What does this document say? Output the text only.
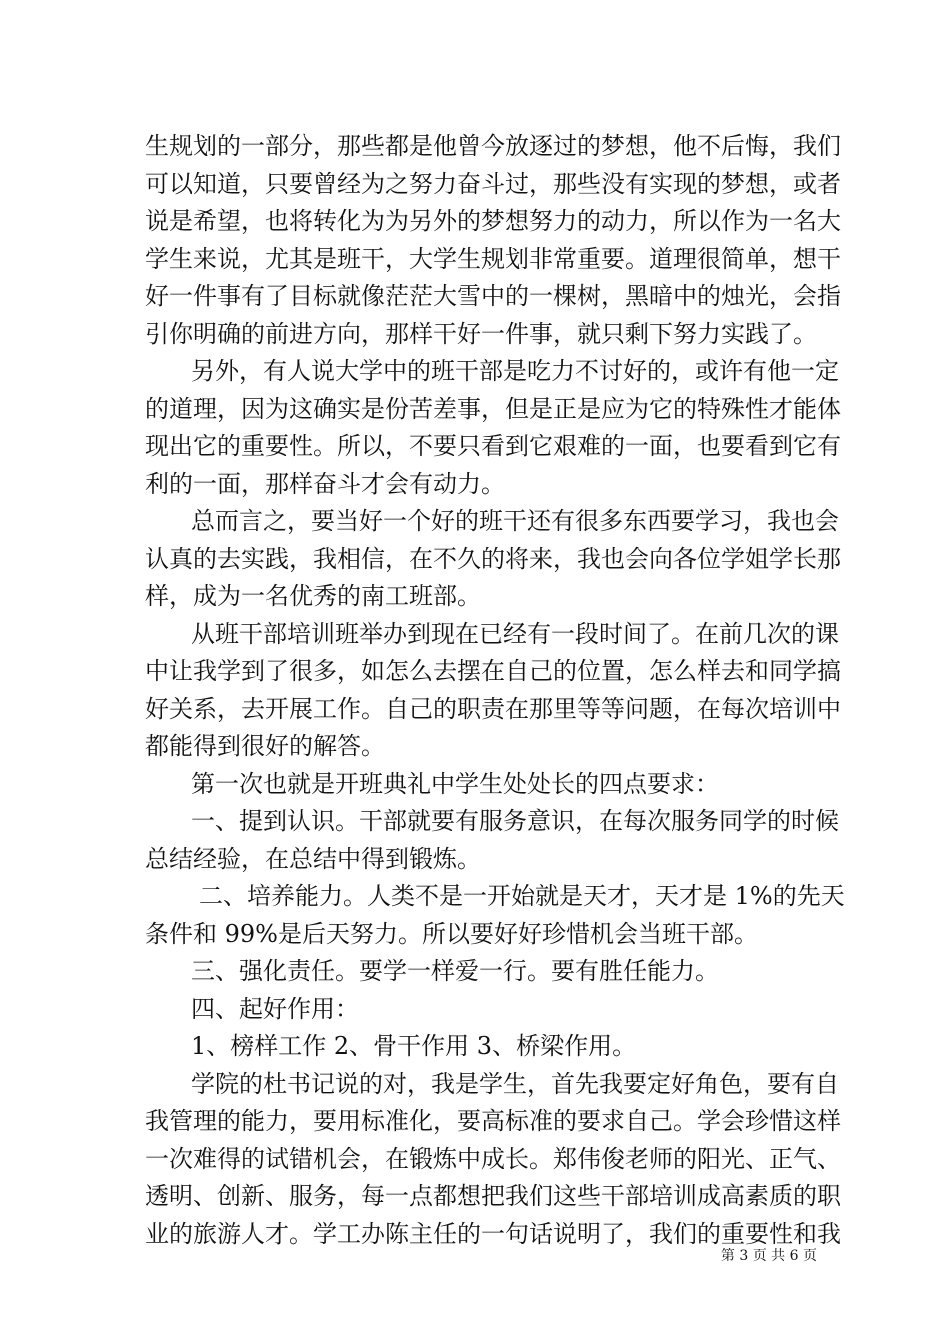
生规划的一部分，那些都是他曾今放逐过的梦想，他不后悔，我们
可以知道，只要曾经为之努力奋斗过，那些没有实现的梦想，或者
说是希望，也将转化为为另外的梦想努力的动力，所以作为一名大
学生来说，尤其是班干，大学生规划非常重要。道理很简单，想干
好一件事有了目标就像茫茫大雪中的一棵树，黑暗中的烛光，会指
引你明确的前进方向，那样干好一件事，就只剩下努力实践了。
另外，有人说大学中的班干部是吃力不讨好的，或许有他一定
的道理，因为这确实是份苦差事，但是正是应为它的特殊性才能体
现出它的重要性。所以，不要只看到它艰难的一面，也要看到它有
利的一面，那样奋斗才会有动力。
总而言之，要当好一个好的班干还有很多东西要学习，我也会
认真的去实践，我相信，在不久的将来，我也会向各位学姐学长那
样，成为一名优秀的南工班部。
从班干部培训班举办到现在已经有一段时间了。在前几次的课
中让我学到了很多，如怎么去摆在自己的位置，怎么样去和同学搞
好关系，去开展工作。自己的职责在那里等等问题，在每次培训中
都能得到很好的解答。
第一次也就是开班典礼中学生处处长的四点要求：
一、提到认识。干部就要有服务意识，在每次服务同学的时候
总结经验，在总结中得到锻炼。
二、培养能力。人类不是一开始就是天才，天才是 1%的先天
条件和 99%是后天努力。所以要好好珍惜机会当班干部。
三、强化责任。要学一样爱一行。要有胜任能力。
四、起好作用：
1、榜样工作 2、骨干作用 3、桥梁作用。
学院的杜书记说的对，我是学生，首先我要定好角色，要有自
我管理的能力，要用标准化，要高标准的要求自己。学会珍惜这样
一次难得的试错机会，在锻炼中成长。郑伟俊老师的阳光、正气、
透明、创新、服务，每一点都想把我们这些干部培训成高素质的职
业的旅游人才。学工办陈主任的一句话说明了，我们的重要性和我
第 3 页 共 6 页
